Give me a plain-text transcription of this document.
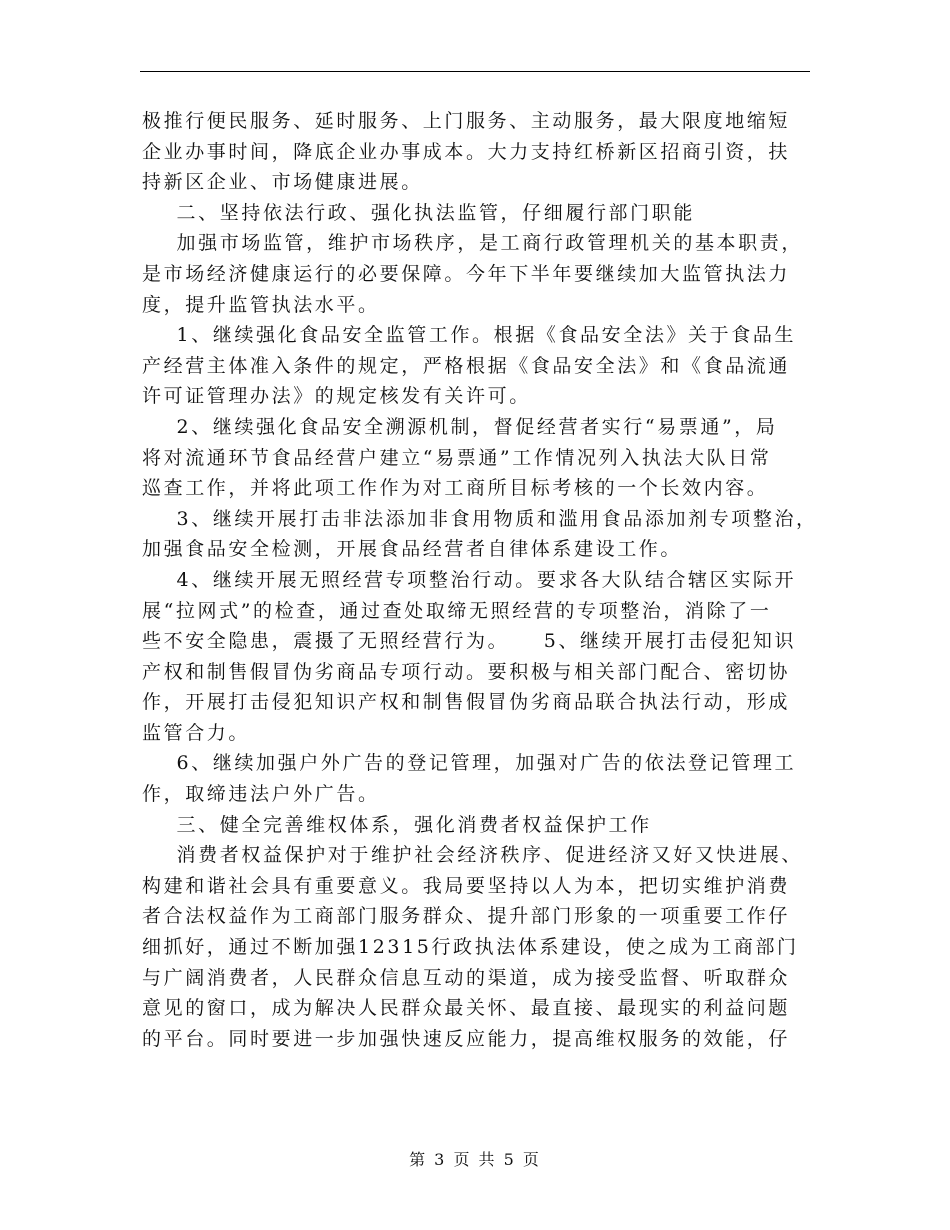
极推行便民服务、延时服务、上门服务、主动服务，最大限度地缩短
企业办事时间，降底企业办事成本。大力支持红桥新区招商引资，扶
持新区企业、市场健康进展。
二、坚持依法行政、强化执法监管，仔细履行部门职能
加强市场监管，维护市场秩序，是工商行政管理机关的基本职责，
是市场经济健康运行的必要保障。今年下半年要继续加大监管执法力
度，提升监管执法水平。
1、继续强化食品安全监管工作。根据《食品安全法》关于食品生
产经营主体准入条件的规定，严格根据《食品安全法》和《食品流通
许可证管理办法》的规定核发有关许可。
2、继续强化食品安全溯源机制，督促经营者实行“易票通”，局
将对流通环节食品经营户建立“易票通”工作情况列入执法大队日常
巡查工作，并将此项工作作为对工商所目标考核的一个长效内容。
3、继续开展打击非法添加非食用物质和滥用食品添加剂专项整治，
加强食品安全检测，开展食品经营者自律体系建设工作。
4、继续开展无照经营专项整治行动。要求各大队结合辖区实际开
展“拉网式”的检查，通过查处取缔无照经营的专项整治，消除了一
些不安全隐患，震摄了无照经营行为。    5、继续开展打击侵犯知识
产权和制售假冒伪劣商品专项行动。要积极与相关部门配合、密切协
作，开展打击侵犯知识产权和制售假冒伪劣商品联合执法行动，形成
监管合力。
6、继续加强户外广告的登记管理，加强对广告的依法登记管理工
作，取缔违法户外广告。
三、健全完善维权体系，强化消费者权益保护工作
消费者权益保护对于维护社会经济秩序、促进经济又好又快进展、
构建和谐社会具有重要意义。我局要坚持以人为本，把切实维护消费
者合法权益作为工商部门服务群众、提升部门形象的一项重要工作仔
细抓好，通过不断加强12315行政执法体系建设，使之成为工商部门
与广阔消费者，人民群众信息互动的渠道，成为接受监督、听取群众
意见的窗口，成为解决人民群众最关怀、最直接、最现实的利益问题
的平台。同时要进一步加强快速反应能力，提高维权服务的效能，仔
第 3 页 共 5 页
